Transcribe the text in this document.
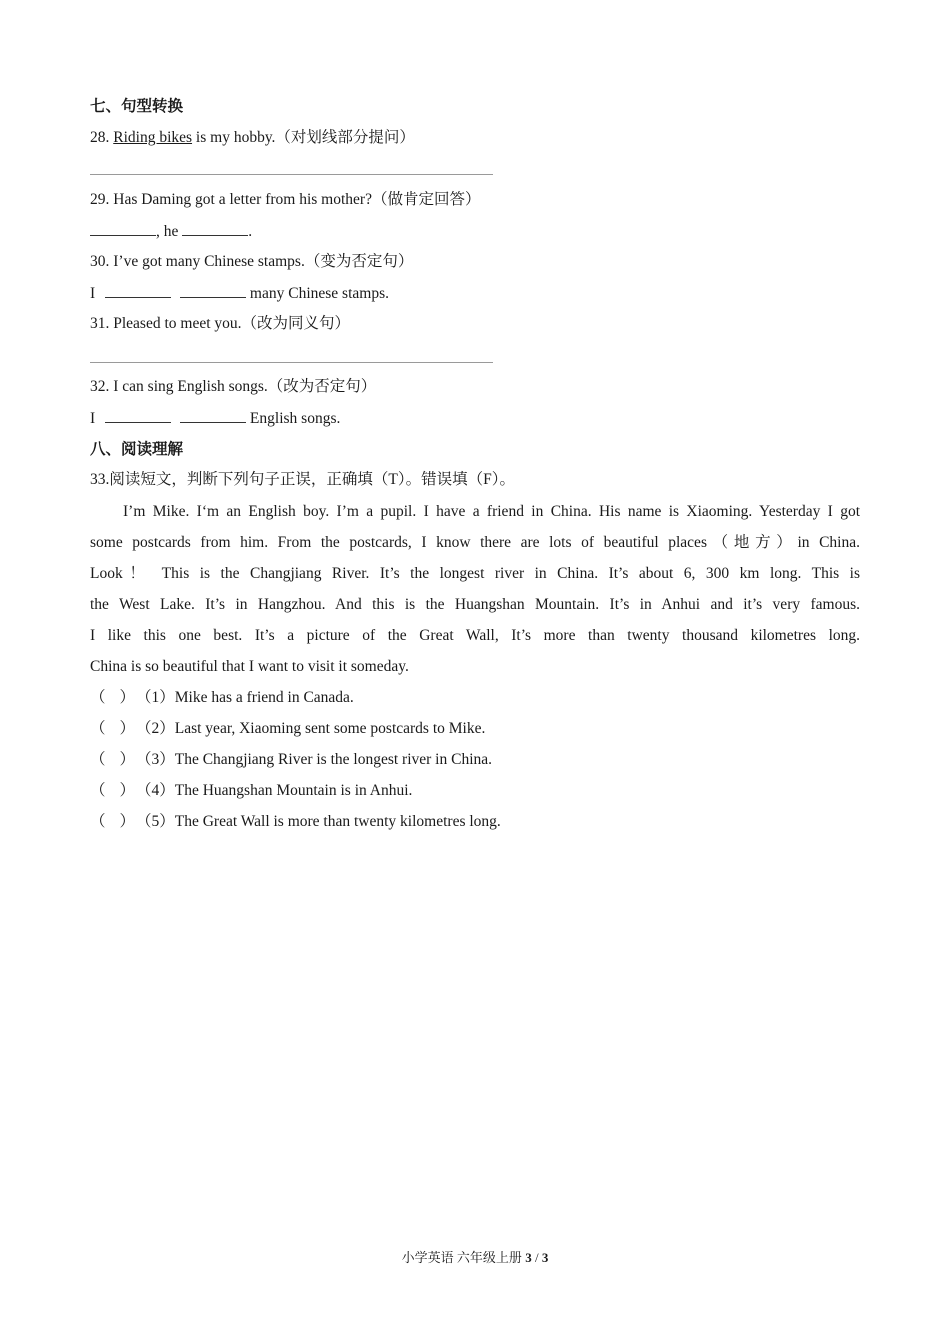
七、句型转换
28. Riding bikes is my hobby.（对划线部分提问）
29. Has Daming got a letter from his mother?（做肯定回答）
, he	.
30. I’ve got many Chinese stamps.（变为否定句）
I	many Chinese stamps.
31. Pleased to meet you.（改为同义句）
32. I can sing English songs.（改为否定句）
I	English songs.
八、阅读理解
33.阅读短文，判断下列句子正误，正确填（T）。错误填（F）。
I’m Mike. I‘m an English boy. I’m a pupil. I have a friend in China. His name is Xiaoming. Yesterday I got
some postcards from him. From the postcards, I know there are lots of beautiful places（地方）in China.
Look！ This is the Changjiang River. It’s the longest river in China. It’s about 6, 300 km long. This is
the West Lake. It’s in Hangzhou. And this is the Huangshan Mountain. It’s in Anhui and it’s very famous.
I like this one best. It’s a picture of the Great Wall, It’s more than twenty thousand kilometres long.
China is so beautiful that I want to visit it someday.
（ ）（1）Mike has a friend in Canada.
（ ）（2）Last year, Xiaoming sent some postcards to Mike.
（ ）（3）The Changjiang River is the longest river in China.
（ ）（4）The Huangshan Mountain is in Anhui.
（ ）（5）The Great Wall is more than twenty kilometres long.
小学英语 六年级上册 3 / 3
